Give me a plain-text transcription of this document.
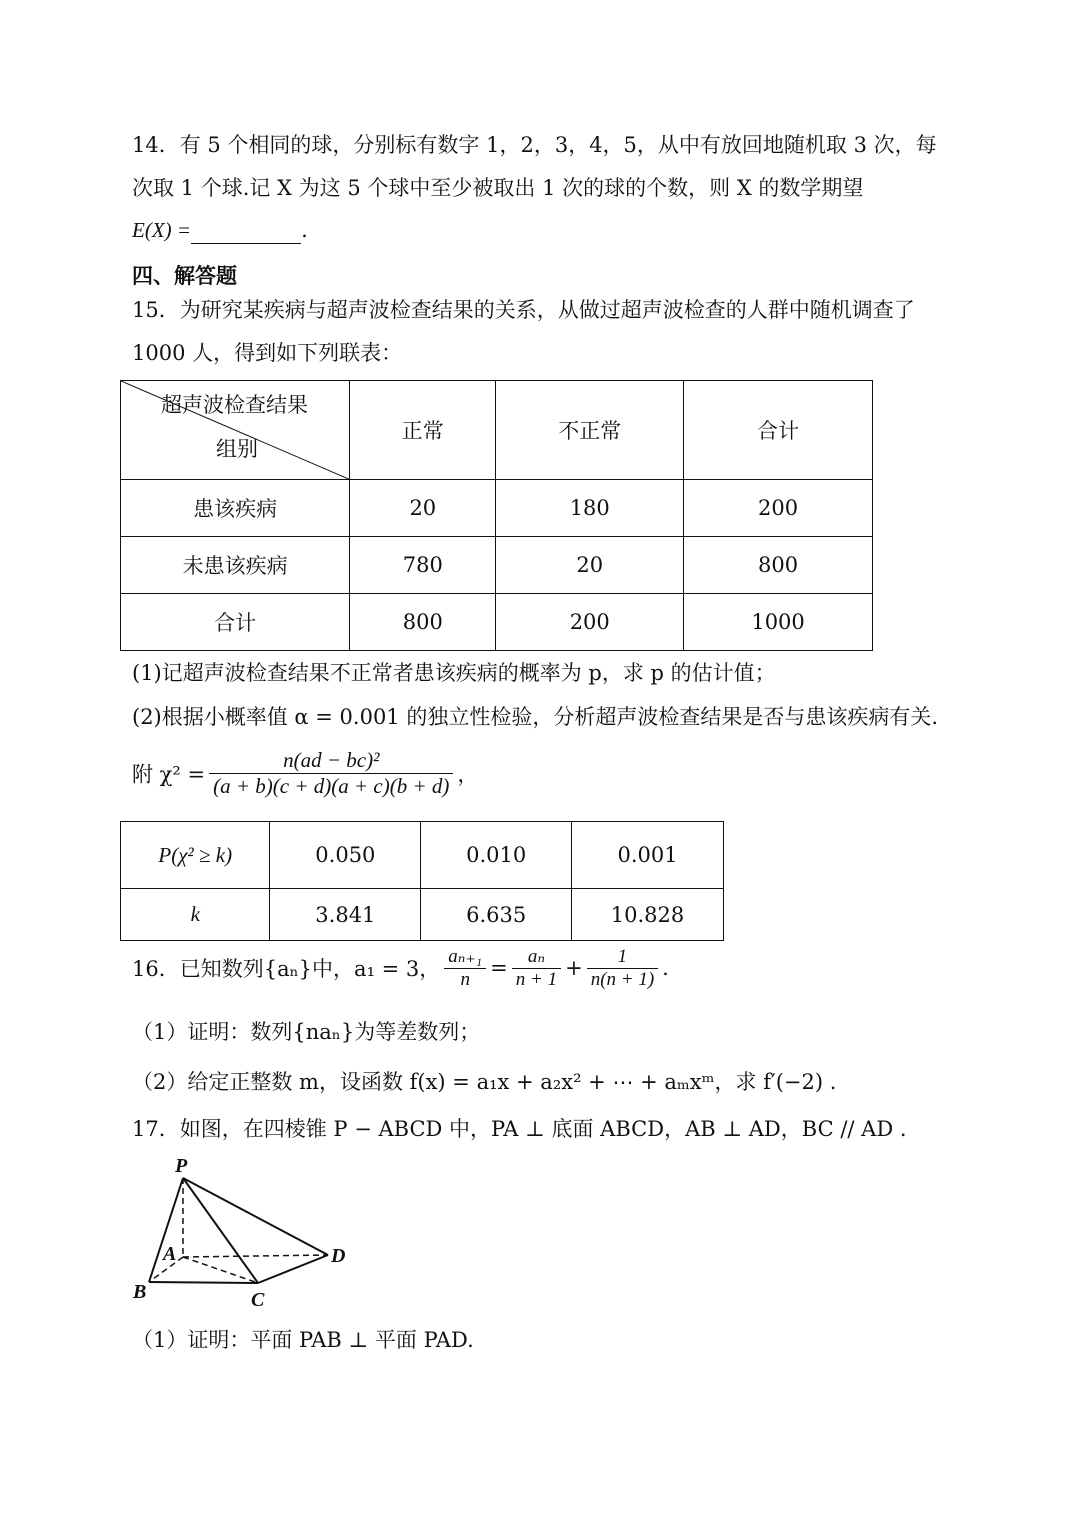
14．有 5 个相同的球，分别标有数字 1，2，3，4，5，从中有放回地随机取 3 次，每
次取 1 个球.记 X 为这 5 个球中至少被取出 1 次的球的个数，则 X 的数学期望
E(X) =	.
四、解答题
15．为研究某疾病与超声波检查结果的关系，从做过超声波检查的人群中随机调查了
1000 人，得到如下列联表：
超声波检查结果
组别	正常	不正常	合计
患该疾病	20	180	200
未患该疾病	780	20	800
合计	800	200	1000
(1)记超声波检查结果不正常者患该疾病的概率为 p，求 p 的估计值；
(2)根据小概率值 α = 0.001 的独立性检验，分析超声波检查结果是否与患该疾病有关.
附 $\chi^2 = \frac{\text{n(ad − bc)²}}{(a + b)(c + d)(a + c)(b + d)}$ ，
P(χ² ≥ k)	0.050	0.010	0.001
k	3.841	6.635	10.828
16．已知数列{aₙ}中，a₁ = 3， $\frac{\text{aₙ₊₁}}{n} = \frac{\text{aₙ}}{n + 1} + \frac{1}{n(n + 1)}$ .
（1）证明：数列{naₙ}为等差数列；
（2）给定正整数 m，设函数 f(x) = a₁x + a₂x² + ⋯ + aₘxᵐ，求 f′(−2) .
17．如图，在四棱锥 P − ABCD 中，PA ⊥ 底面 ABCD，AB ⊥ AD，BC // AD .
P
A
B	C
D
（1）证明：平面 PAB ⊥ 平面 PAD.
